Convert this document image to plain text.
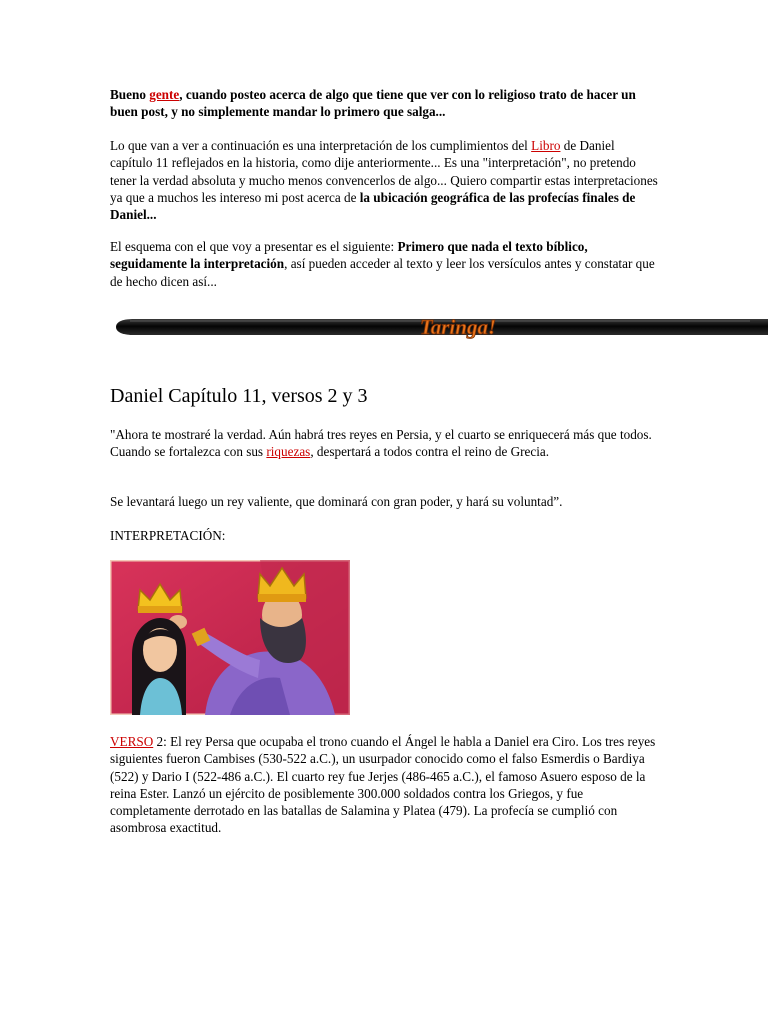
Bueno gente, cuando posteo acerca de algo que tiene que ver con lo religioso trato de hacer un buen post, y no simplemente mandar lo primero que salga...

Lo que van a ver a continuación es una interpretación de los cumplimientos del Libro de Daniel capítulo 11 reflejados en la historia, como dije anteriormente... Es una "interpretación", no pretendo tener la verdad absoluta y mucho menos convencerlos de algo... Quiero compartir estas interpretaciones ya que a muchos les intereso mi post acerca de la ubicación geográfica de las profecías finales de Daniel...

El esquema con el que voy a presentar es el siguiente: Primero que nada el texto bíblico, seguidamente la interpretación, así pueden acceder al texto y leer los versículos antes y constatar que de hecho dicen así...

Daniel Capítulo 11, versos 2 y 3

"Ahora te mostraré la verdad. Aún habrá tres reyes en Persia, y el cuarto se enriquecerá más que todos. Cuando se fortalezca con sus riquezas, despertará a todos contra el reino de Grecia.

Se levantará luego un rey valiente, que dominará con gran poder, y hará su voluntad”.

INTERPRETACIÓN:

VERSO 2: El rey Persa que ocupaba el trono cuando el Ángel le habla a Daniel era Ciro. Los tres reyes siguientes fueron Cambises (530-522 a.C.), un usurpador conocido como el falso Esmerdis o Bardiya (522) y Dario I (522-486 a.C.). El cuarto rey fue Jerjes (486-465 a.C.), el famoso Asuero esposo de la reina Ester. Lanzó un ejército de posiblemente 300.000 soldados contra los Griegos, y fue completamente derrotado en las batallas de Salamina y Platea (479). La profecía se cumplió con asombrosa exactitud.

Taringa!
